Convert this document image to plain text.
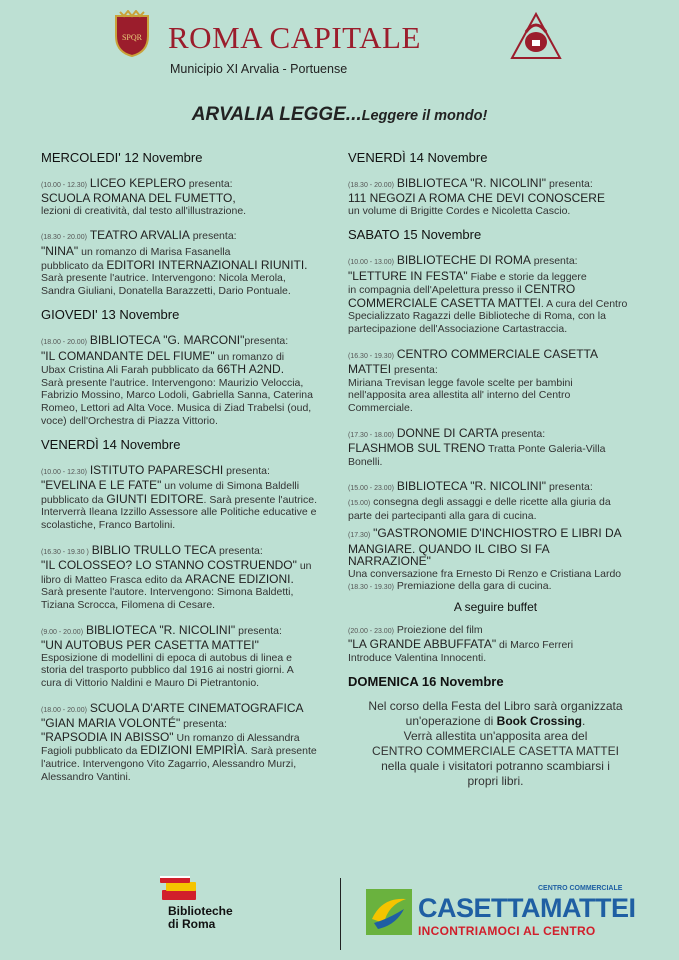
SPQR ROMA CAPITALE
Municipio XI Arvalia - Portuense
ARVALIA LEGGE...Leggere il mondo!
MERCOLEDI' 12 Novembre
(10.00 - 12.30) LICEO KEPLERO presenta:
SCUOLA ROMANA DEL FUMETTO,
lezioni di creatività, dal testo all'illustrazione.
(18.30 - 20.00) TEATRO ARVALIA presenta:
"NINA" un romanzo di Marisa Fasanella
pubblicato da EDITORI INTERNAZIONALI RIUNITI.
Sarà presente l'autrice. Intervengono: Nicola Merola,
Sandra Giuliani, Donatella Barazzetti, Dario Pontuale.
GIOVEDI' 13 Novembre
(18.00 - 20.00) BIBLIOTECA "G. MARCONI"presenta:
"IL COMANDANTE DEL FIUME" un romanzo di
Ubax Cristina Ali Farah pubblicato da 66TH A2ND.
Sarà presente l'autrice. Intervengono: Maurizio Veloccia,
Fabrizio Mossino, Marco Lodoli, Gabriella Sanna, Caterina
Romeo, Lettori ad Alta Voce. Musica di Ziad Trabelsi (oud,
voce) dell'Orchestra di Piazza Vittorio.
VENERDÌ 14 Novembre
(10.00 - 12.30) ISTITUTO PAPARESCHI presenta:
"EVELINA E LE FATE" un volume di Simona Baldelli
pubblicato da GIUNTI EDITORE. Sarà presente l'autrice.
Interverrà Ileana Izzillo Assessore alle Politiche educative e
scolastiche, Franco Bartolini.
(16.30 - 19.30 ) BIBLIO TRULLO TECA presenta:
"IL COLOSSEO? LO STANNO COSTRUENDO" un
libro di Matteo Frasca edito da ARACNE EDIZIONI.
Sarà presente l'autore. Intervengono: Simona Baldetti,
Tiziana Scrocca, Filomena di Cesare.
(9.00 - 20.00) BIBLIOTECA "R. NICOLINI" presenta:
"UN AUTOBUS PER CASETTA MATTEI"
Esposizione di modellini di epoca di autobus di linea e
storia del trasporto pubblico dal 1916 ai nostri giorni. A
cura di Vittorio Naldini e Mauro Di Pietrantonio.
(18.00 - 20.00) SCUOLA D'ARTE CINEMATOGRAFICA
"GIAN MARIA VOLONTÉ" presenta:
"RAPSODIA IN ABISSO" Un romanzo di Alessandra
Fagioli pubblicato da EDIZIONI EMPIRÌA. Sarà presente
l'autrice. Intervengono Vito Zagarrio, Alessandro Murzi,
Alessandro Vantini.
VENERDÌ 14 Novembre
(18.30 - 20.00) BIBLIOTECA "R. NICOLINI" presenta:
111 NEGOZI A ROMA CHE DEVI CONOSCERE
un volume di Brigitte Cordes e Nicoletta Cascio.
SABATO 15 Novembre
(10.00 - 13.00) BIBLIOTECHE DI ROMA presenta:
"LETTURE IN FESTA" Fiabe e storie da leggere
in compagnia dell'Apelettura presso il CENTRO
COMMERCIALE CASETTA MATTEI. A cura del Centro
Specializzato Ragazzi delle Biblioteche di Roma, con la
partecipazione dell'Associazione Cartastraccia.
(16.30 - 19.30) CENTRO COMMERCIALE CASETTA
MATTEI presenta:
Miriana Trevisan legge favole scelte per bambini
nell'apposita area allestita all' interno del Centro
Commerciale.
(17.30 - 18.00) DONNE DI CARTA presenta:
FLASHMOB SUL TRENO Tratta Ponte Galeria-Villa
Bonelli.
(15.00 - 23.00) BIBLIOTECA "R. NICOLINI" presenta:
(15.00) consegna degli assaggi e delle ricette alla giuria da
parte dei partecipanti alla gara di cucina.
(17.30) "GASTRONOMIE D'INCHIOSTRO E LIBRI DA
MANGIARE. QUANDO IL CIBO SI FA
NARRAZIONE"
Una conversazione fra Ernesto Di Renzo e Cristiana Lardo
(18.30 - 19.30) Premiazione della gara di cucina.
A seguire buffet
(20.00 - 23.00) Proiezione del film
"LA GRANDE ABBUFFATA" di Marco Ferreri
Introduce Valentina Innocenti.
DOMENICA 16 Novembre
Nel corso della Festa del Libro sarà organizzata
un'operazione di Book Crossing.
Verrà allestita un'apposita area del
CENTRO COMMERCIALE CASETTA MATTEI
nella quale i visitatori potranno scambiarsi i
propri libri.
Biblioteche
di Roma
CENTRO COMMERCIALE
CASETTAMATTEI
INCONTRIAMOCI AL CENTRO
